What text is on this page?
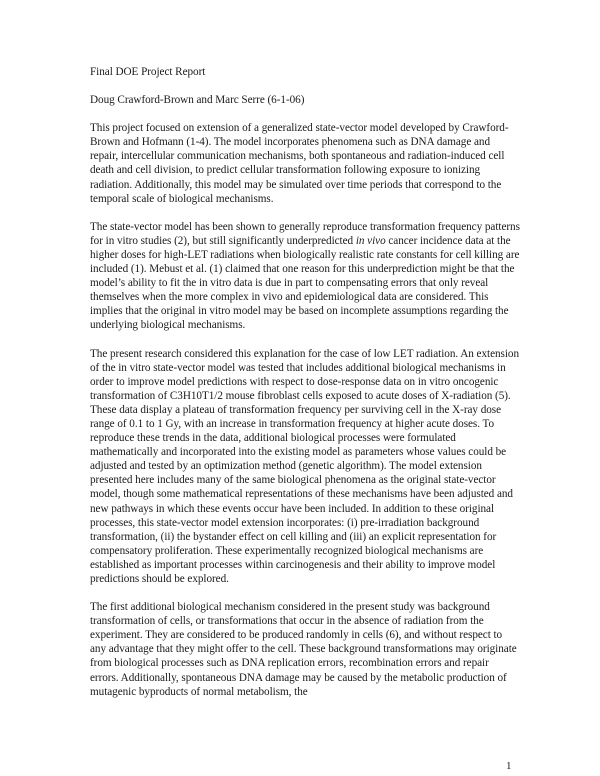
Final DOE Project Report
Doug Crawford-Brown and Marc Serre (6-1-06)

This project focused on extension of a generalized state-vector model developed by Crawford-Brown and Hofmann (1-4). The model incorporates phenomena such as DNA damage and repair, intercellular communication mechanisms, both spontaneous and radiation-induced cell death and cell division, to predict cellular transformation following exposure to ionizing radiation. Additionally, this model may be simulated over time periods that correspond to the temporal scale of biological mechanisms.

The state-vector model has been shown to generally reproduce transformation frequency patterns for in vitro studies (2), but still significantly underpredicted in vivo cancer incidence data at the higher doses for high-LET radiations when biologically realistic rate constants for cell killing are included (1). Mebust et al. (1) claimed that one reason for this underprediction might be that the model’s ability to fit the in vitro data is due in part to compensating errors that only reveal themselves when the more complex in vivo and epidemiological data are considered. This implies that the original in vitro model may be based on incomplete assumptions regarding the underlying biological mechanisms.

The present research considered this explanation for the case of low LET radiation. An extension of the in vitro state-vector model was tested that includes additional biological mechanisms in order to improve model predictions with respect to dose-response data on in vitro oncogenic transformation of C3H10T1/2 mouse fibroblast cells exposed to acute doses of X-radiation (5). These data display a plateau of transformation frequency per surviving cell in the X-ray dose range of 0.1 to 1 Gy, with an increase in transformation frequency at higher acute doses. To reproduce these trends in the data, additional biological processes were formulated mathematically and incorporated into the existing model as parameters whose values could be adjusted and tested by an optimization method (genetic algorithm). The model extension presented here includes many of the same biological phenomena as the original state-vector model, though some mathematical representations of these mechanisms have been adjusted and new pathways in which these events occur have been included. In addition to these original processes, this state-vector model extension incorporates: (i) pre-irradiation background transformation, (ii) the bystander effect on cell killing and (iii) an explicit representation for compensatory proliferation. These experimentally recognized biological mechanisms are established as important processes within carcinogenesis and their ability to improve model predictions should be explored.

The first additional biological mechanism considered in the present study was background transformation of cells, or transformations that occur in the absence of radiation from the experiment. They are considered to be produced randomly in cells (6), and without respect to any advantage that they might offer to the cell. These background transformations may originate from biological processes such as DNA replication errors, recombination errors and repair errors. Additionally, spontaneous DNA damage may be caused by the metabolic production of mutagenic byproducts of normal metabolism, the

1
